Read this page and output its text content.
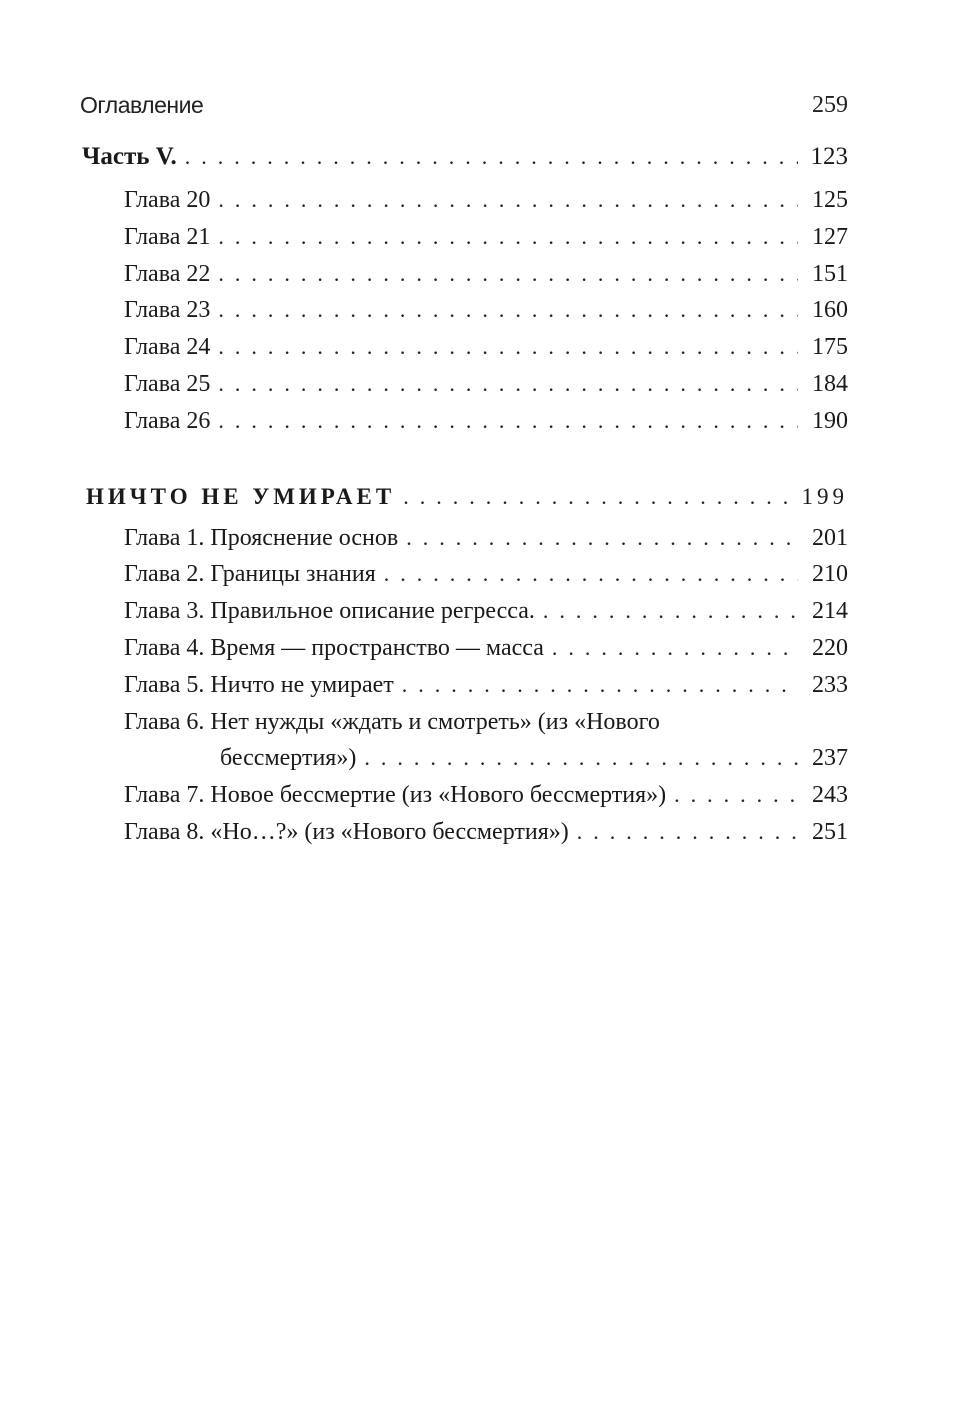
Оглавление	259
Часть V. . . .	123
Глава 20 . . .	125
Глава 21 . . .	127
Глава 22 . . .	151
Глава 23 . . .	160
Глава 24 . . .	175
Глава 25 . . .	184
Глава 26 . . .	190
НИЧТО НЕ УМИРАЕТ . . .	199
Глава 1. Прояснение основ . . .	201
Глава 2. Границы знания . . .	210
Глава 3. Правильное описание регресса. . . .	214
Глава 4. Время — пространство — масса . . .	220
Глава 5. Ничто не умирает . . .	233
Глава 6. Нет нужды «ждать и смотреть» (из «Нового
бессмертия») . . .	237
Глава 7. Новое бессмертие (из «Нового бессмертия») . . .	243
Глава 8. «Но…?» (из «Нового бессмертия») . . .	251
